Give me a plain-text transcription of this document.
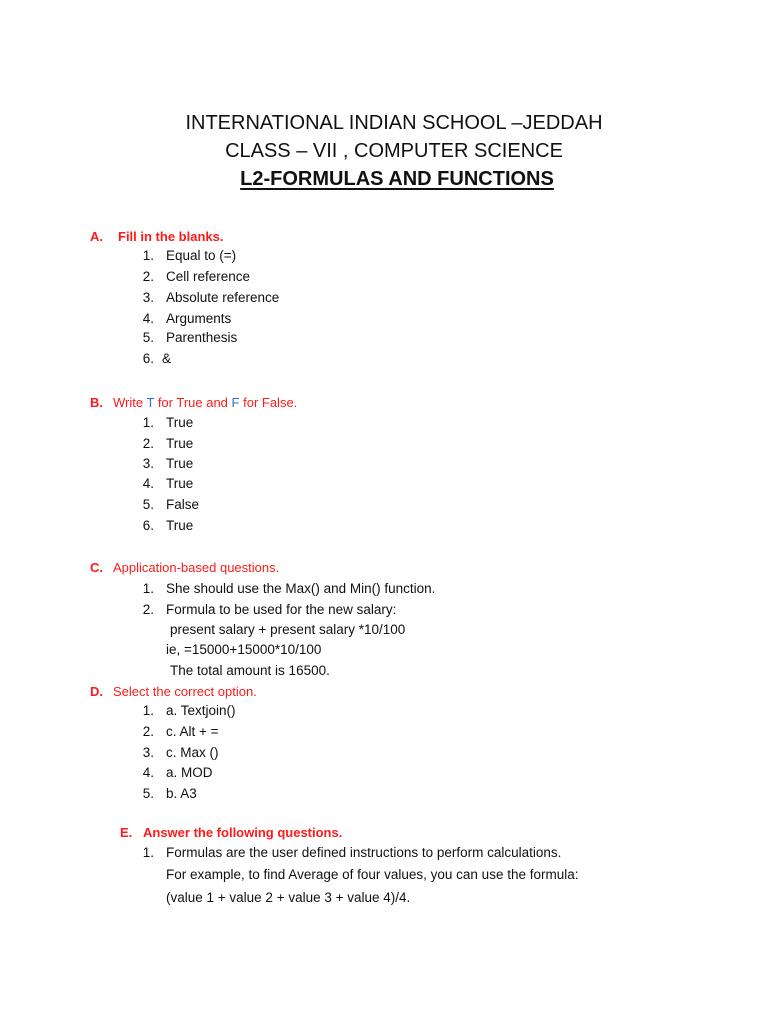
INTERNATIONAL INDIAN SCHOOL –JEDDAH
CLASS – VII , COMPUTER SCIENCE
L2-FORMULAS AND FUNCTIONS
A. Fill in the blanks.
1. Equal to (=)
2. Cell reference
3. Absolute reference
4. Arguments
5. Parenthesis
6. &
B. Write T for True and F for False.
1. True
2. True
3. True
4. True
5. False
6. True
C. Application-based questions.
1. She should use the Max() and Min() function.
2. Formula to be used for the new salary:
present salary + present salary *10/100
ie, =15000+15000*10/100
The total amount is 16500.
D. Select the correct option.
1. a. Textjoin()
2. c. Alt + =
3. c. Max ()
4. a. MOD
5. b. A3
E. Answer the following questions.
1. Formulas are the user defined instructions to perform calculations.
For example, to find Average of four values, you can use the formula:
(value 1 + value 2 + value 3 + value 4)/4.
